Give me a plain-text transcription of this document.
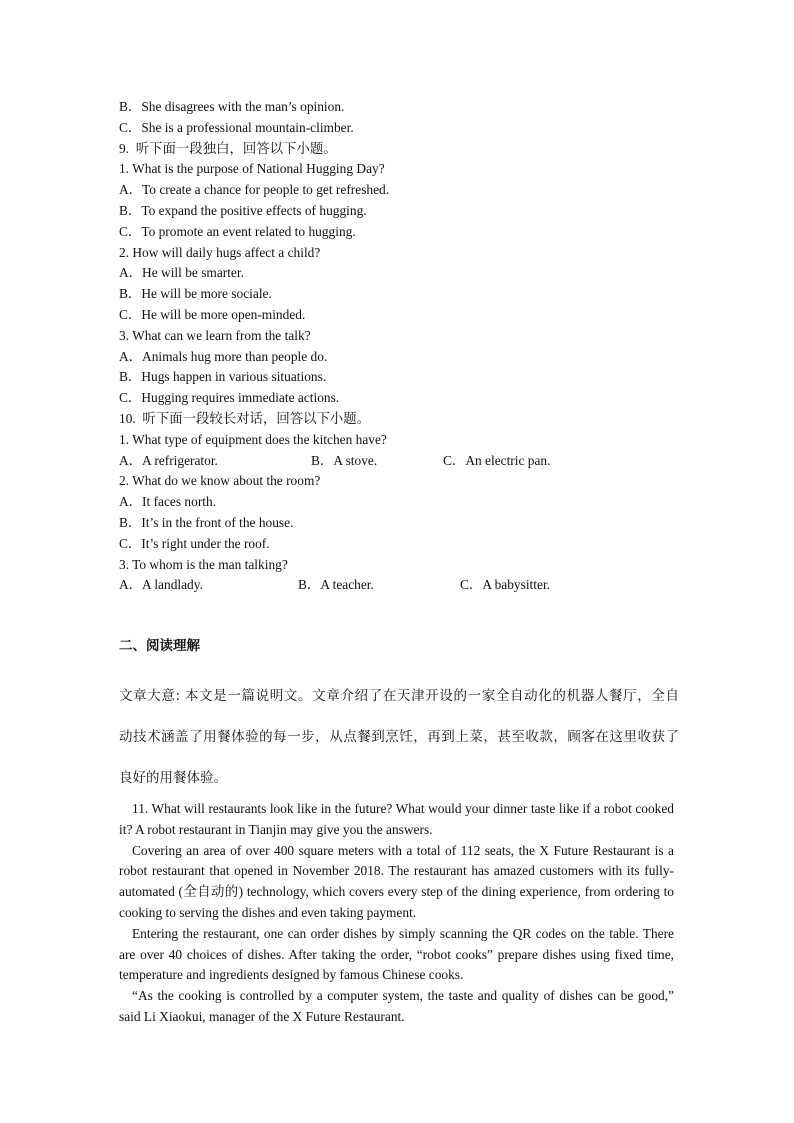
B．She disagrees with the man’s opinion.
C．She is a professional mountain-climber.
9.  听下面一段独白，回答以下小题。
1. What is the purpose of National Hugging Day?
A．To create a chance for people to get refreshed.
B．To expand the positive effects of hugging.
C．To promote an event related to hugging.
2. How will daily hugs affect a child?
A．He will be smarter.
B．He will be more sociale.
C．He will be more open-minded.
3. What can we learn from the talk?
A．Animals hug more than people do.
B．Hugs happen in various situations.
C．Hugging requires immediate actions.
10.  听下面一段较长对话，回答以下小题。
1. What type of equipment does the kitchen have?
A．A refrigerator.	B．A stove.	C．An electric pan.
2. What do we know about the room?
A．It faces north.
B．It’s in the front of the house.
C．It’s right under the roof.
3. To whom is the man talking?
A．A landlady.	B．A teacher.	C．A babysitter.
二、阅读理解
文章大意: 本文是一篇说明文。文章介绍了在天津开设的一家全自动化的机器人餐厅，全自
动技术涵盖了用餐体验的每一步，从点餐到烹饪，再到上菜，甚至收款，顾客在这里收获了
良好的用餐体验。

11. What will restaurants look like in the future? What would your dinner taste like if a robot cooked it? A robot restaurant in Tianjin may give you the answers.

Covering an area of over 400 square meters with a total of 112 seats, the X Future Restaurant is a robot restaurant that opened in November 2018. The restaurant has amazed customers with its fully-automated (全自动的) technology, which covers every step of the dining experience, from ordering to cooking to serving the dishes and even taking payment.

Entering the restaurant, one can order dishes by simply scanning the QR codes on the table. There are over 40 choices of dishes. After taking the order, “robot cooks” prepare dishes using fixed time, temperature and ingredients designed by famous Chinese cooks.

“As the cooking is controlled by a computer system, the taste and quality of dishes can be good,” said Li Xiaokui, manager of the X Future Restaurant.
